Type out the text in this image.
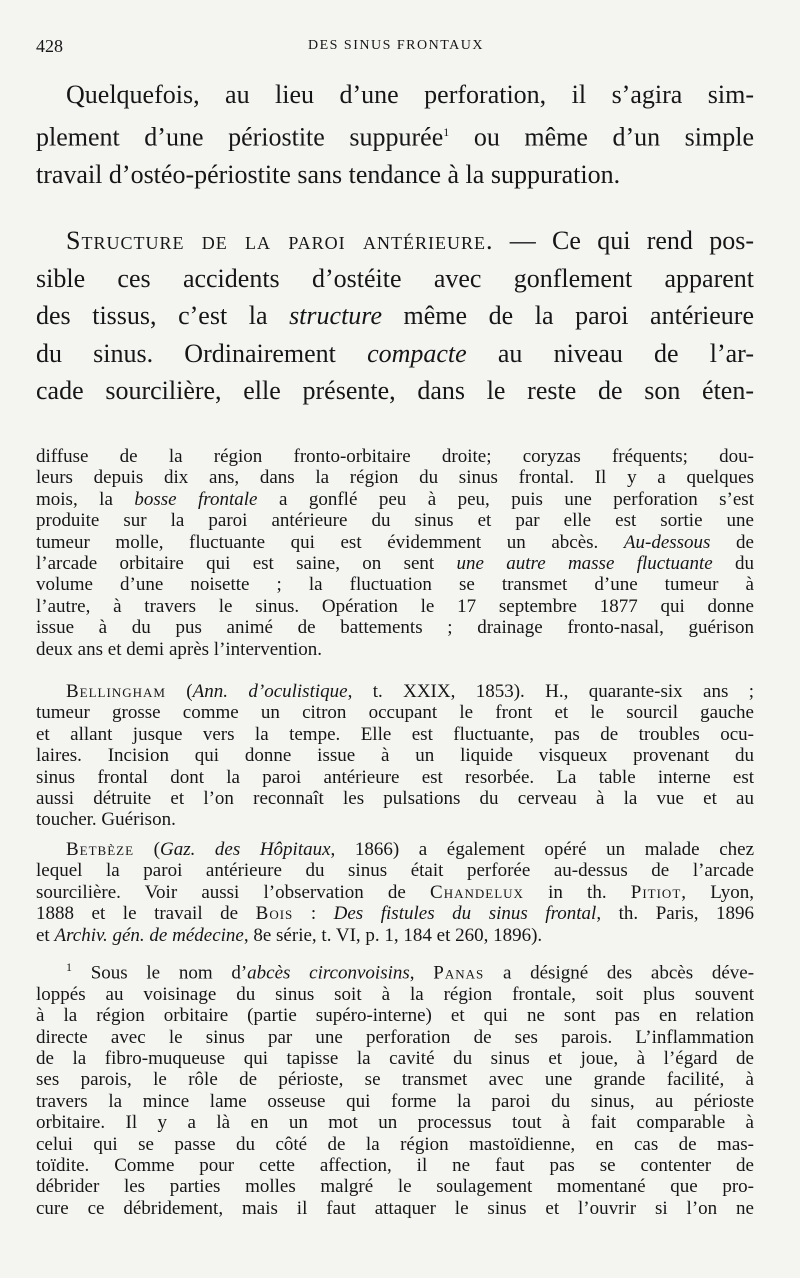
428	DES SINUS FRONTAUX
Quelquefois, au lieu d’une perforation, il s’agira sim-
plement d’une périostite suppurée$^1$ ou même d’un simple
travail d’ostéo-périostite sans tendance à la suppuration.
Structure de la paroi antérieure. — Ce qui rend pos-
sible ces accidents d’ostéite avec gonflement apparent
des tissus, c’est la structure même de la paroi antérieure
du sinus. Ordinairement compacte au niveau de l’ar-
cade sourcilière, elle présente, dans le reste de son éten-
diffuse de la région fronto-orbitaire droite; coryzas fréquents; dou-
leurs depuis dix ans, dans la région du sinus frontal. Il y a quelques
mois, la bosse frontale a gonflé peu à peu, puis une perforation s’est
produite sur la paroi antérieure du sinus et par elle est sortie une
tumeur molle, fluctuante qui est évidemment un abcès. Au-dessous de
l’arcade orbitaire qui est saine, on sent une autre masse fluctuante du
volume d’une noisette ; la fluctuation se transmet d’une tumeur à
l’autre, à travers le sinus. Opération le 17 septembre 1877 qui donne
issue à du pus animé de battements ; drainage fronto-nasal, guérison
deux ans et demi après l’intervention.
Bellingham (Ann. d’oculistique, t. XXIX, 1853). H., quarante-six ans ;
tumeur grosse comme un citron occupant le front et le sourcil gauche
et allant jusque vers la tempe. Elle est fluctuante, pas de troubles ocu-
laires. Incision qui donne issue à un liquide visqueux provenant du
sinus frontal dont la paroi antérieure est resorbée. La table interne est
aussi détruite et l’on reconnaît les pulsations du cerveau à la vue et au
toucher. Guérison.
Betbèze (Gaz. des Hôpitaux, 1866) a également opéré un malade chez
lequel la paroi antérieure du sinus était perforée au-dessus de l’arcade
sourcilière. Voir aussi l’observation de Chandelux in th. Pitiot, Lyon,
1888 et le travail de Bois : Des fistules du sinus frontal, th. Paris, 1896
et Archiv. gén. de médecine, 8e série, t. VI, p. 1, 184 et 260, 1896).
$^1$ Sous le nom d’abcès circonvoisins, Panas a désigné des abcès déve-
loppés au voisinage du sinus soit à la région frontale, soit plus souvent
à la région orbitaire (partie supéro-interne) et qui ne sont pas en relation
directe avec le sinus par une perforation de ses parois. L’inflammation
de la fibro-muqueuse qui tapisse la cavité du sinus et joue, à l’égard de
ses parois, le rôle de périoste, se transmet avec une grande facilité, à
travers la mince lame osseuse qui forme la paroi du sinus, au périoste
orbitaire. Il y a là en un mot un processus tout à fait comparable à
celui qui se passe du côté de la région mastoïdienne, en cas de mas-
toïdite. Comme pour cette affection, il ne faut pas se contenter de
débrider les parties molles malgré le soulagement momentané que pro-
cure ce débridement, mais il faut attaquer le sinus et l’ouvrir si l’on ne
